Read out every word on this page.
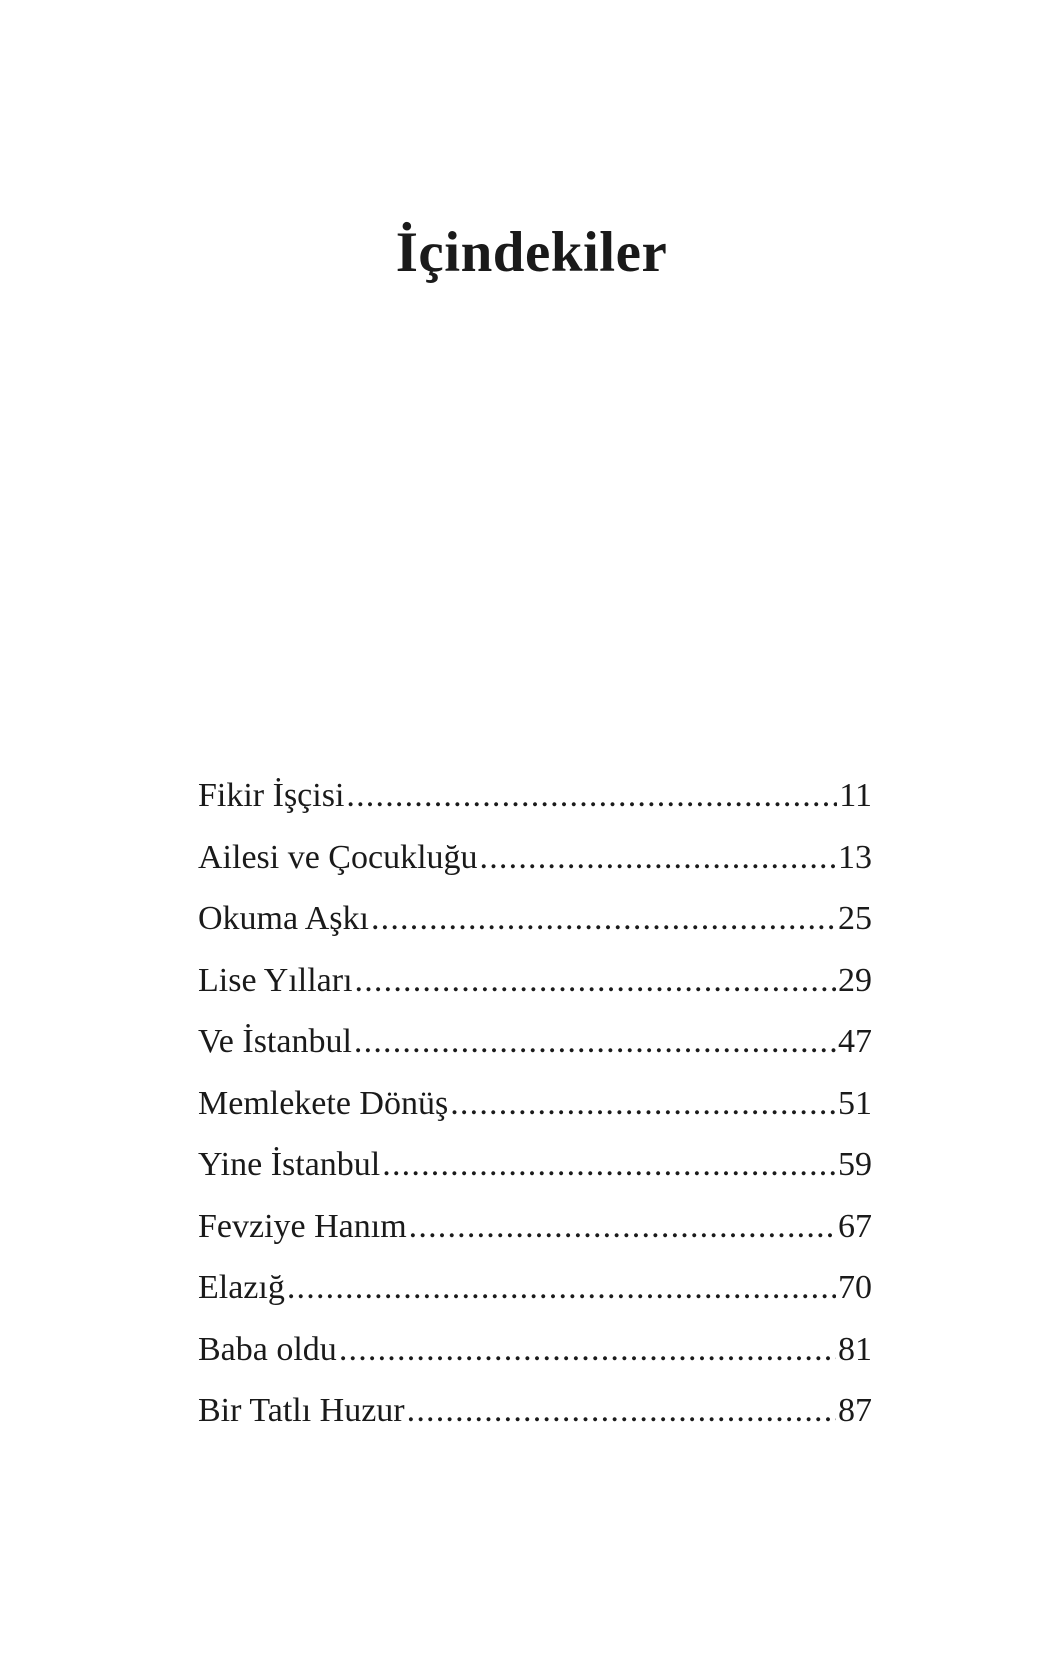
İçindekiler
Fikir İşçisi .....	11
Ailesi ve Çocukluğu .....	13
Okuma Aşkı .....	25
Lise Yılları .....	29
Ve İstanbul .....	47
Memlekete Dönüş .....	51
Yine İstanbul .....	59
Fevziye Hanım .....	67
Elazığ .....	70
Baba oldu .....	81
Bir Tatlı Huzur .....	87
